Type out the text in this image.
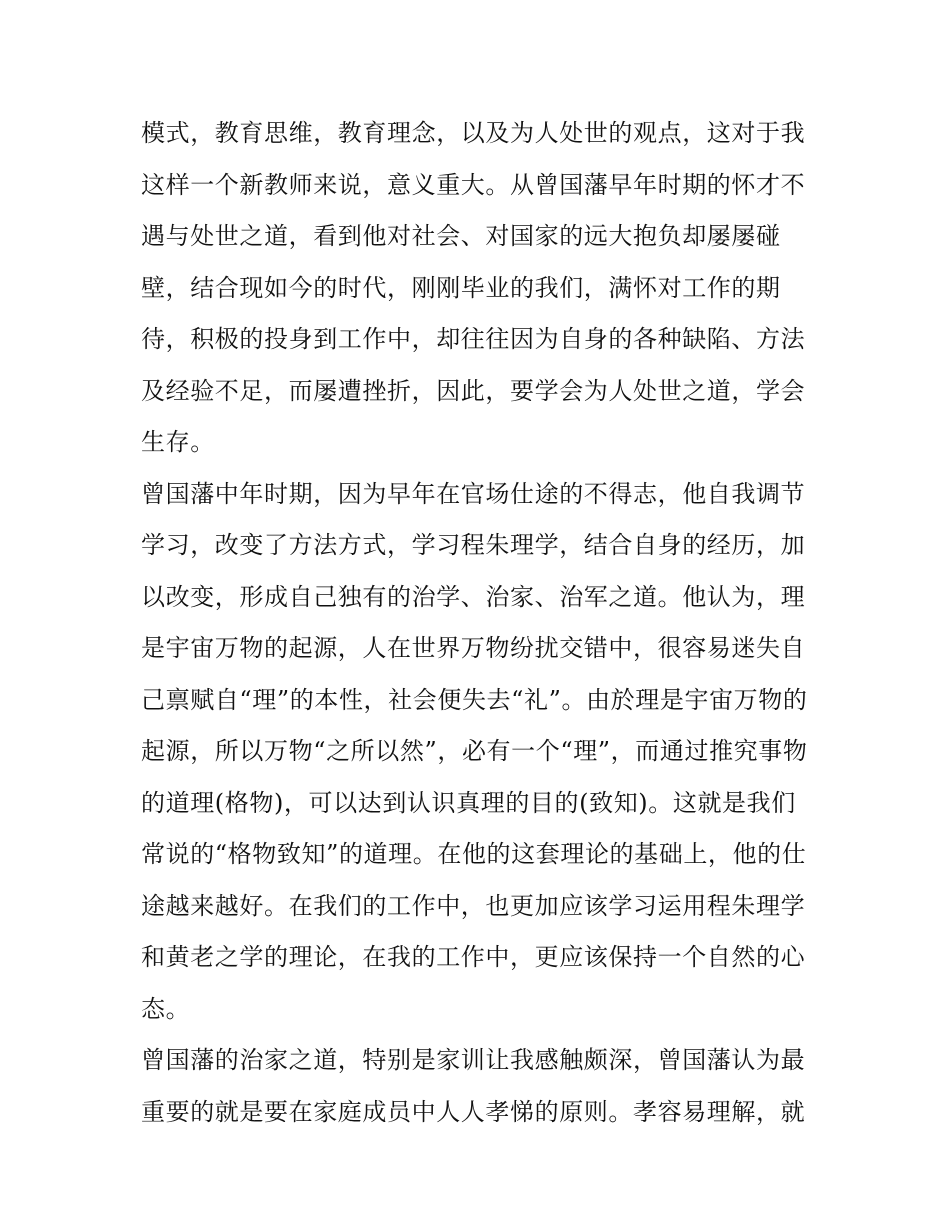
模式，教育思维，教育理念，以及为人处世的观点，这对于我
这样一个新教师来说，意义重大。从曾国藩早年时期的怀才不
遇与处世之道，看到他对社会、对国家的远大抱负却屡屡碰
壁，结合现如今的时代，刚刚毕业的我们，满怀对工作的期
待，积极的投身到工作中，却往往因为自身的各种缺陷、方法
及经验不足，而屡遭挫折，因此，要学会为人处世之道，学会
生存。
曾国藩中年时期，因为早年在官场仕途的不得志，他自我调节
学习，改变了方法方式，学习程朱理学，结合自身的经历，加
以改变，形成自己独有的治学、治家、治军之道。他认为，理
是宇宙万物的起源，人在世界万物纷扰交错中，很容易迷失自
己禀赋自“理”的本性，社会便失去“礼”。由於理是宇宙万物的
起源，所以万物“之所以然”，必有一个“理”，而通过推究事物
的道理(格物)，可以达到认识真理的目的(致知)。这就是我们
常说的“格物致知”的道理。在他的这套理论的基础上，他的仕
途越来越好。在我们的工作中，也更加应该学习运用程朱理学
和黄老之学的理论，在我的工作中，更应该保持一个自然的心
态。
曾国藩的治家之道，特别是家训让我感触颇深，曾国藩认为最
重要的就是要在家庭成员中人人孝悌的原则。孝容易理解，就
